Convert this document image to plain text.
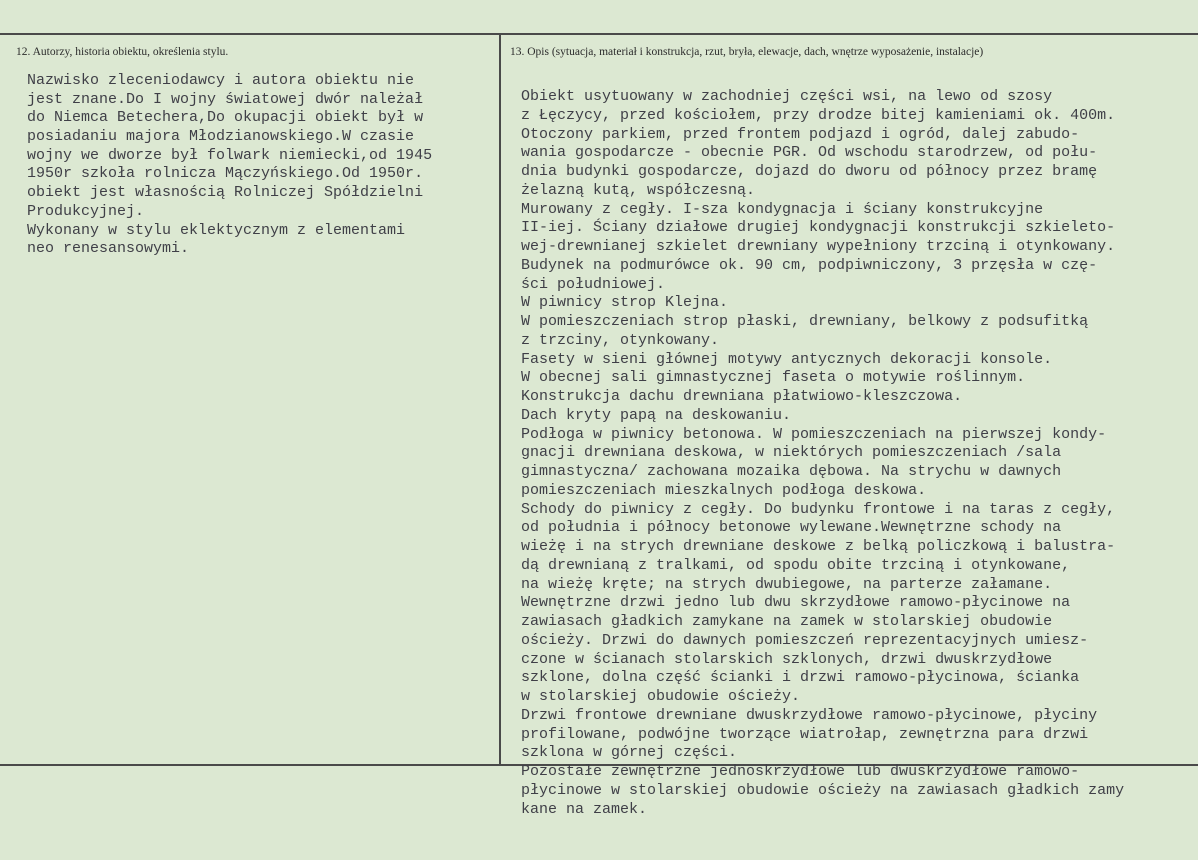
12. Autorzy, historia obiektu, określenia stylu.	13. Opis (sytuacja, materiał i konstrukcja, rzut, bryła, elewacje, dach, wnętrze wyposażenie, instalacje)
Nazwisko zleceniodawcy i autora obiektu nie
jest znane.Do I wojny światowej dwór należał
do Niemca Betechera,Do okupacji obiekt był w
posiadaniu majora Młodzianowskiego.W czasie
wojny we dworze był folwark niemiecki,od 1945
1950r szkoła rolnicza Mączyńskiego.Od 1950r.
obiekt jest własnością Rolniczej Spółdzielni
Produkcyjnej.
Wykonany w stylu eklektycznym z elementami
neo renesansowymi.
Obiekt usytuowany w zachodniej części wsi, na lewo od szosy
z Łęczycy, przed kościołem, przy drodze bitej kamieniami ok. 400m.
Otoczony parkiem, przed frontem podjazd i ogród, dalej zabudo-
wania gospodarcze - obecnie PGR. Od wschodu starodrzew, od połu-
dnia budynki gospodarcze, dojazd do dworu od północy przez bramę
żelazną kutą, współczesną.
Murowany z cegły. I-sza kondygnacja i ściany konstrukcyjne
II-iej. Ściany działowe drugiej kondygnacji konstrukcji szkieleto-
wej-drewnianej szkielet drewniany wypełniony trzciną i otynkowany.
Budynek na podmurówce ok. 90 cm, podpiwniczony, 3 przęsła w czę-
ści południowej.
W piwnicy strop Klejna.
W pomieszczeniach strop płaski, drewniany, belkowy z podsufitką
z trzciny, otynkowany.
Fasety w sieni głównej motywy antycznych dekoracji konsole.
W obecnej sali gimnastycznej faseta o motywie roślinnym.
Konstrukcja dachu drewniana płatwiowo-kleszczowa.
Dach kryty papą na deskowaniu.
Podłoga w piwnicy betonowa. W pomieszczeniach na pierwszej kondy-
gnacji drewniana deskowa, w niektórych pomieszczeniach /sala
gimnastyczna/ zachowana mozaika dębowa. Na strychu w dawnych
pomieszczeniach mieszkalnych podłoga deskowa.
Schody do piwnicy z cegły. Do budynku frontowe i na taras z cegły,
od południa i północy betonowe wylewane.Wewnętrzne schody na
wieżę i na strych drewniane deskowe z belką policzkową i balustra-
dą drewnianą z tralkami, od spodu obite trzciną i otynkowane,
na wieżę kręte; na strych dwubiegowe, na parterze załamane.
Wewnętrzne drzwi jedno lub dwu skrzydłowe ramowo-płycinowe na
zawiasach gładkich zamykane na zamek w stolarskiej obudowie
ościeży. Drzwi do dawnych pomieszczeń reprezentacyjnych umiesz-
czone w ścianach stolarskich szklonych, drzwi dwuskrzydłowe
szklone, dolna część ścianki i drzwi ramowo-płycinowa, ścianka
w stolarskiej obudowie ościeży.
Drzwi frontowe drewniane dwuskrzydłowe ramowo-płycinowe, płyciny
profilowane, podwójne tworzące wiatrołap, zewnętrzna para drzwi
szklona w górnej części.
Pozostałe zewnętrzne jednoskrzydłowe lub dwuskrzydłowe ramowo-
płycinowe w stolarskiej obudowie ościeży na zawiasach gładkich zamy
kane na zamek.
